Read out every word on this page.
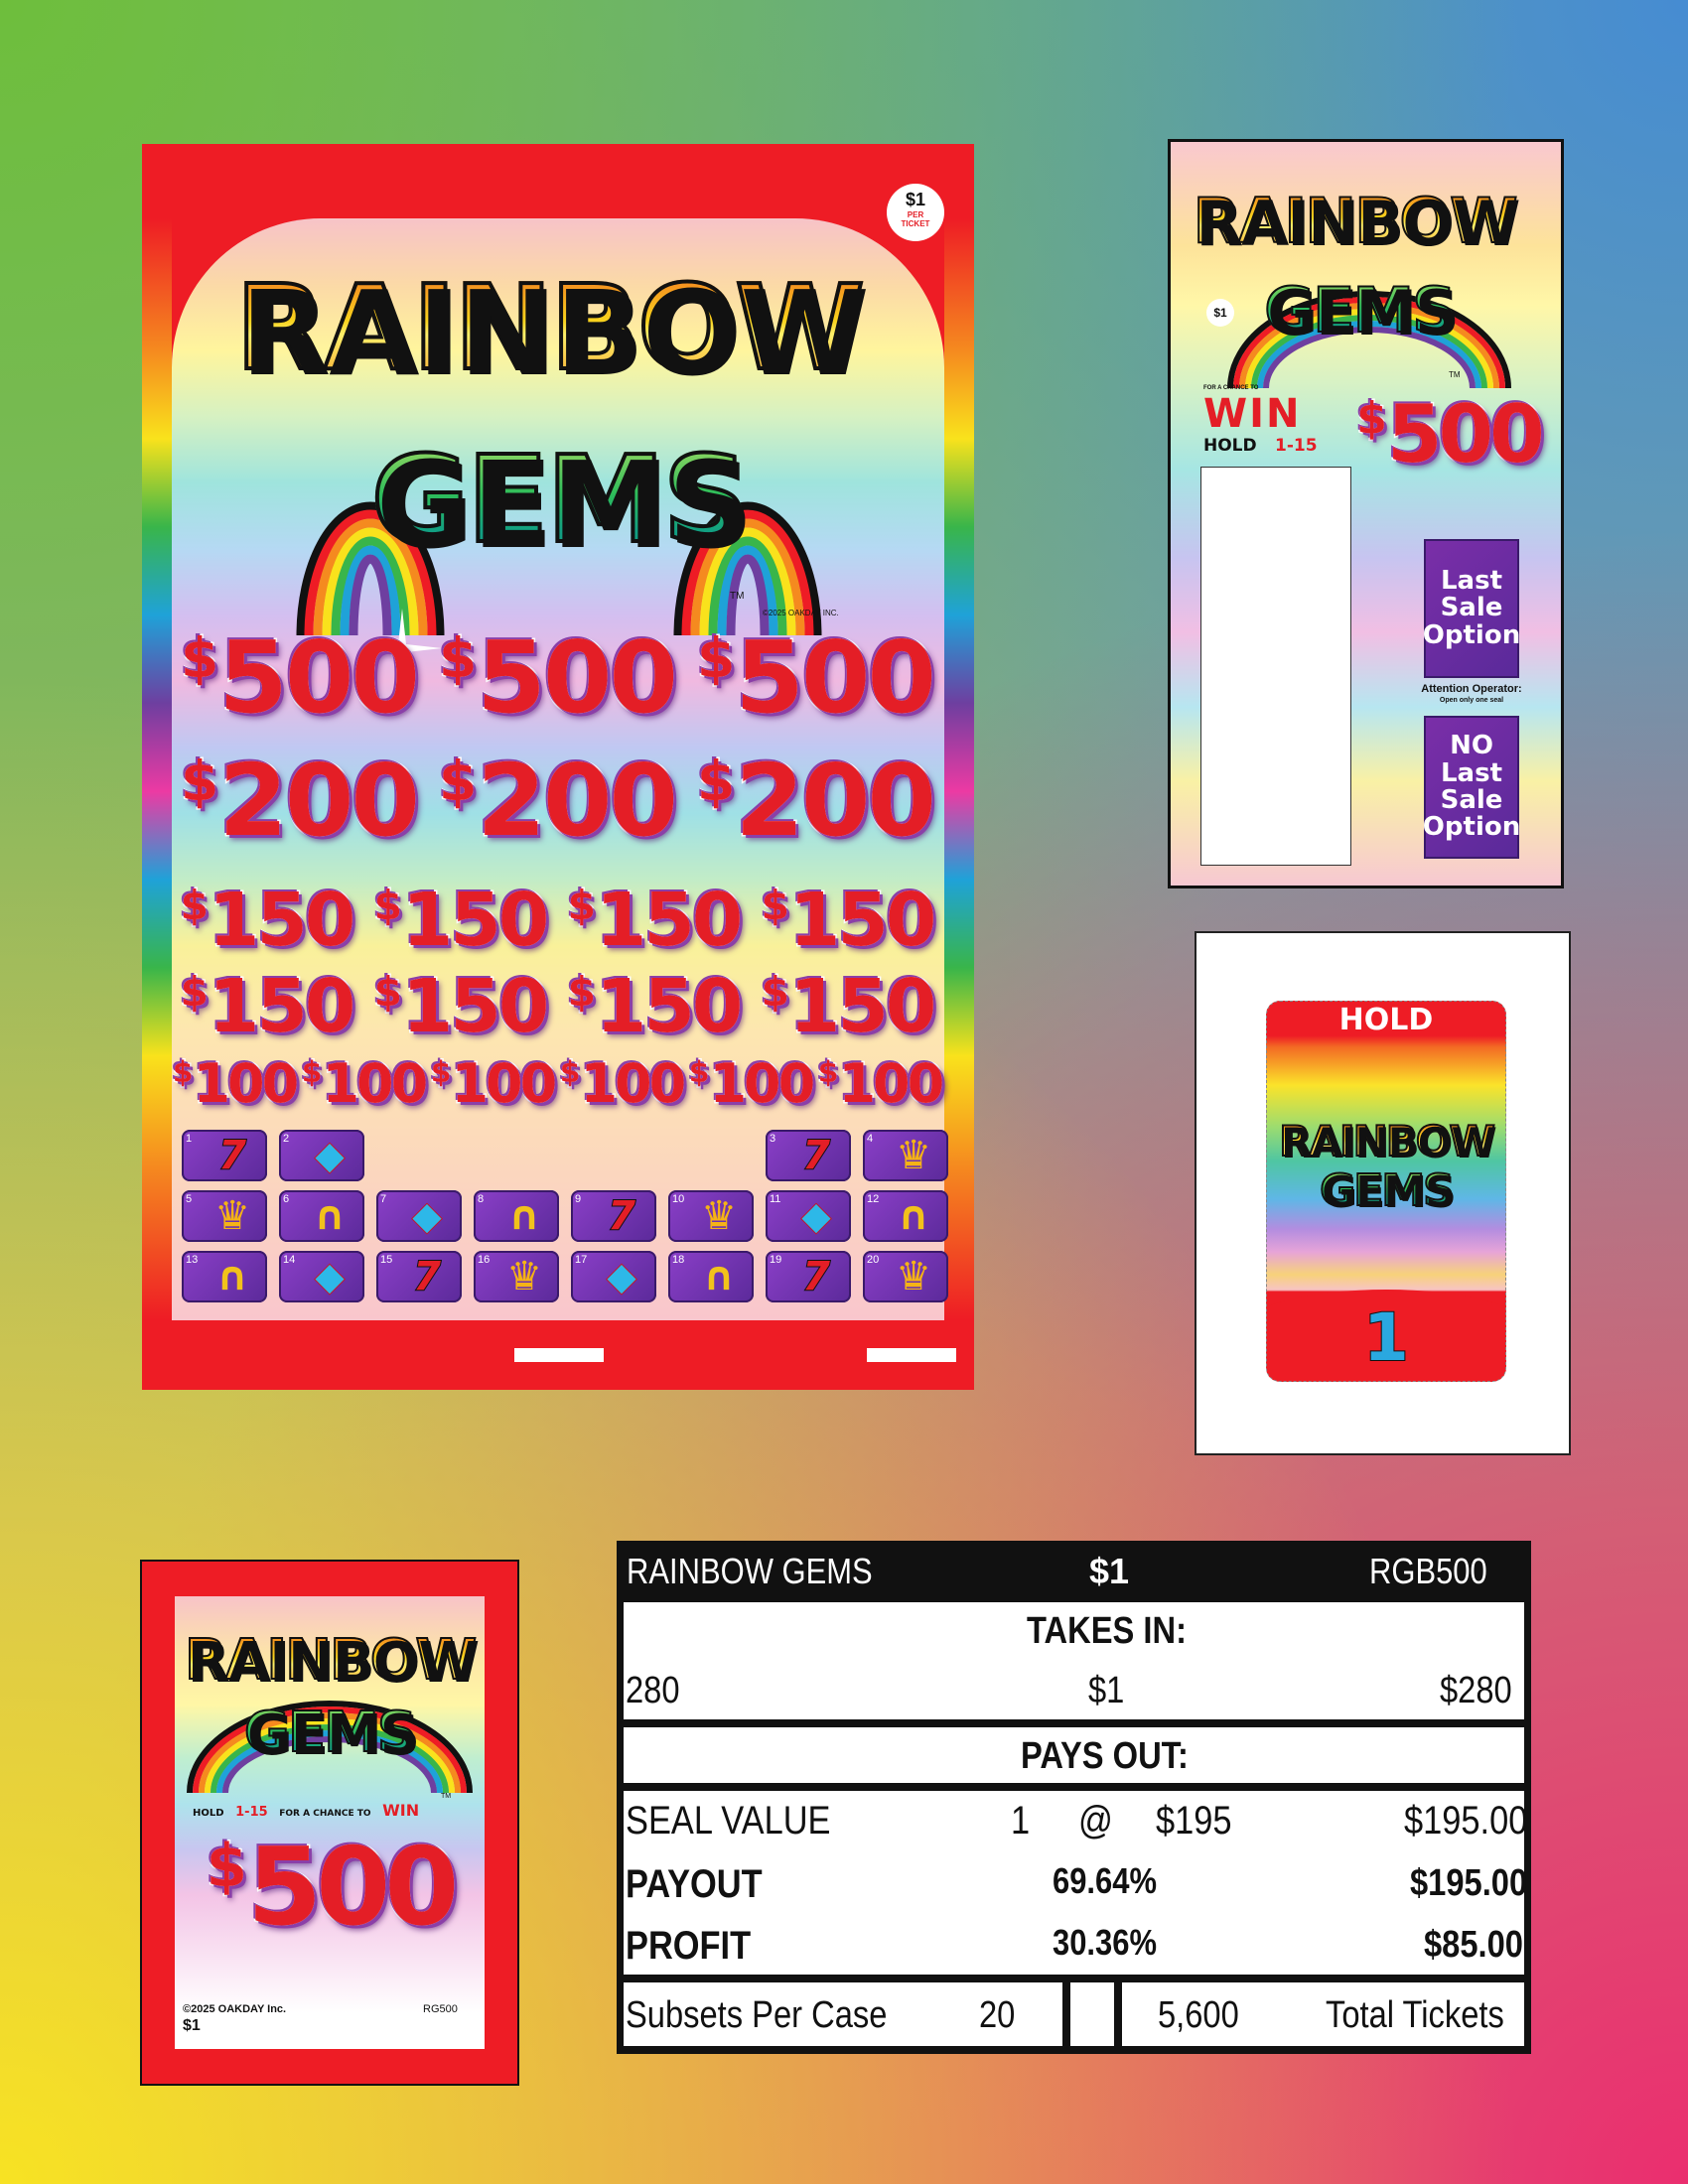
$1
PER
TICKET
RAINBOW
GEMS
TM
©2025 OAKDAY INC.
$500 $500 $500
$200 $200 $200
$150 $150 $150 $150
$150 $150 $150 $150
$100 $100 $100 $100 $100 $100
1 7	2 ◆	3 7	4 ♛
5 ♛	6 ∩	7 ◆	8 ∩	9 7	10 ♛	11 ◆	12 ∩
13 ∩	14 ◆	15 7	16 ♛	17 ◆	18 ∩	19 7	20 ♛
RAINBOW
GEMS
TM
$1
FOR A CHANCE TO
WIN
HOLD 1-15
$500
Last Sale Option
Attention Operator:
Open only one seal
NO Last Sale Option
HOLD
RAINBOW
GEMS
1
RAINBOW
GEMS
TM
HOLD 1-15 FOR A CHANCE TO WIN
$500
©2025 OAKDAY Inc.
$1
RG500
RAINBOW GEMS	$1	RGB500
TAKES IN:
280	$1	$280
PAYS OUT:
SEAL VALUE	1 @ $195	$195.00
PAYOUT	69.64%	$195.00
PROFIT	30.36%	$85.00
Subsets Per Case 20	5,600 Total Tickets
